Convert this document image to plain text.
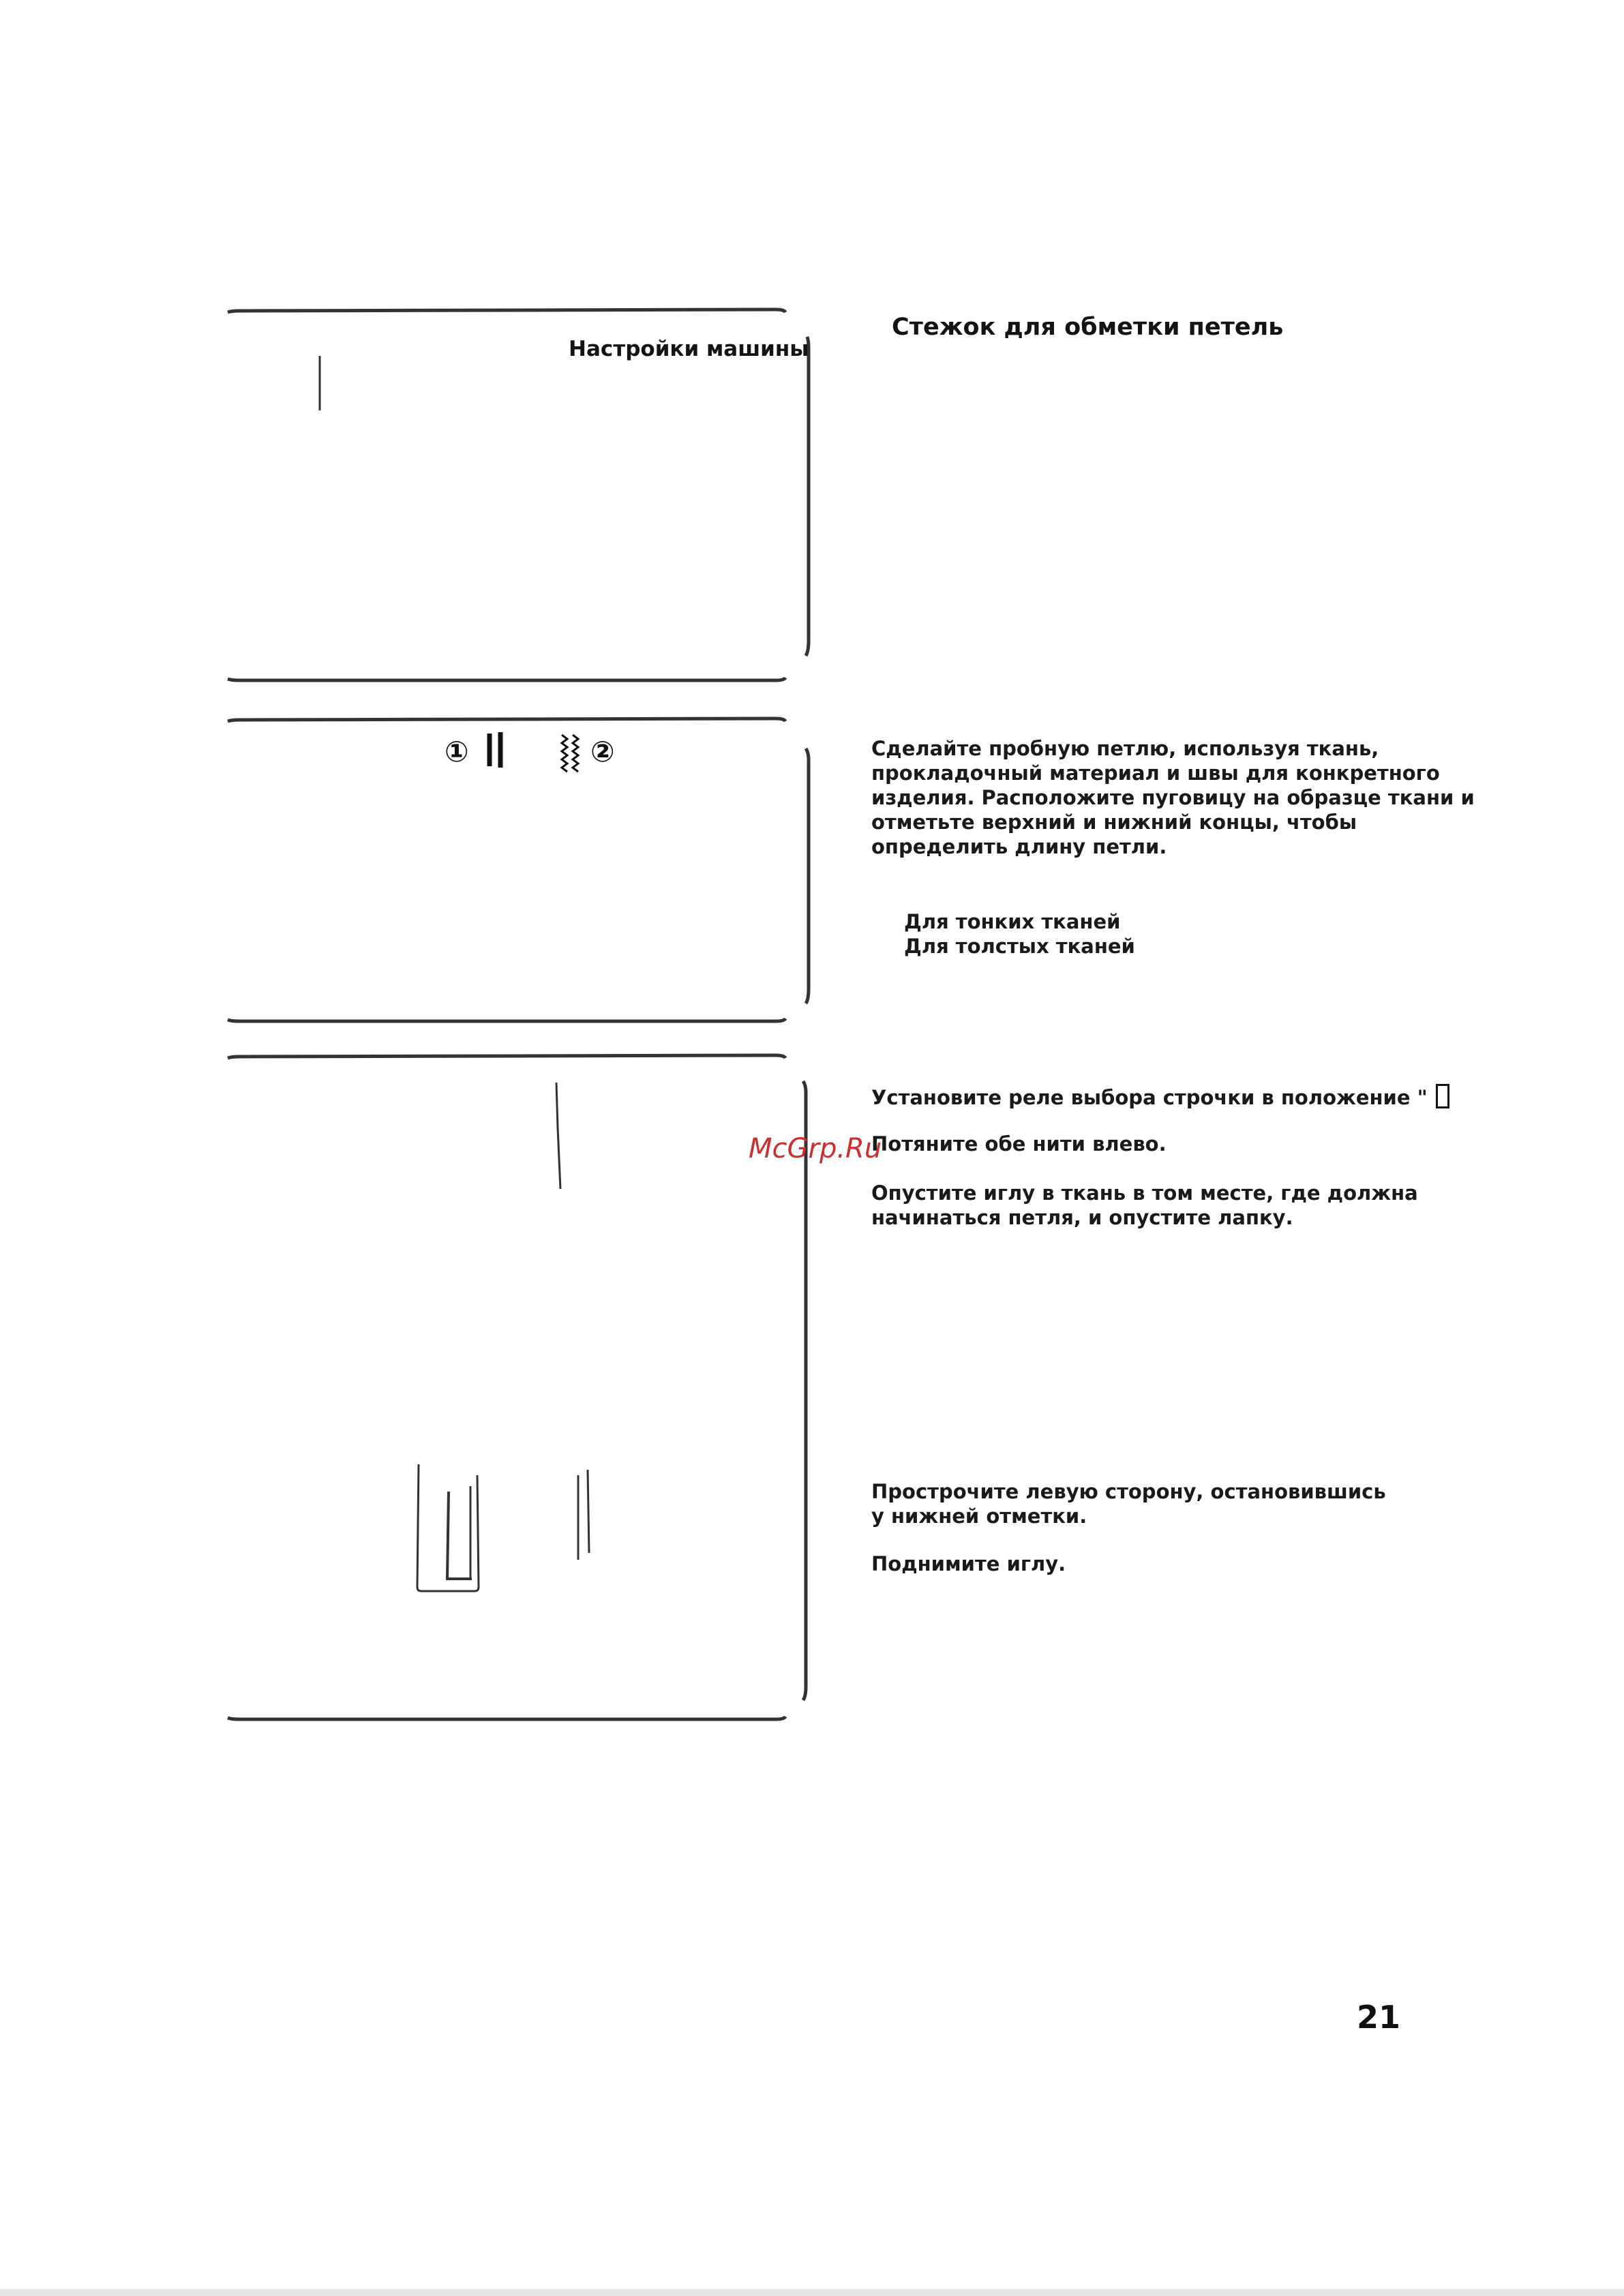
Настройки машины
①	②
Стежок для обметки петель
Сделайте пробную петлю, используя ткань,
прокладочный материал и швы для конкретного
изделия. Расположите пуговицу на образце ткани и
отметьте верхний и нижний концы, чтобы
определить длину петли.
Для тонких тканей
Для толстых тканей
Установите реле выбора строчки в положение "
Потяните обе нити влево.
Опустите иглу в ткань в том месте, где должна
начинаться петля, и опустите лапку.
Прострочите левую сторону, остановившись
у нижней отметки.
Поднимите иглу.
McGrp.Ru
21
